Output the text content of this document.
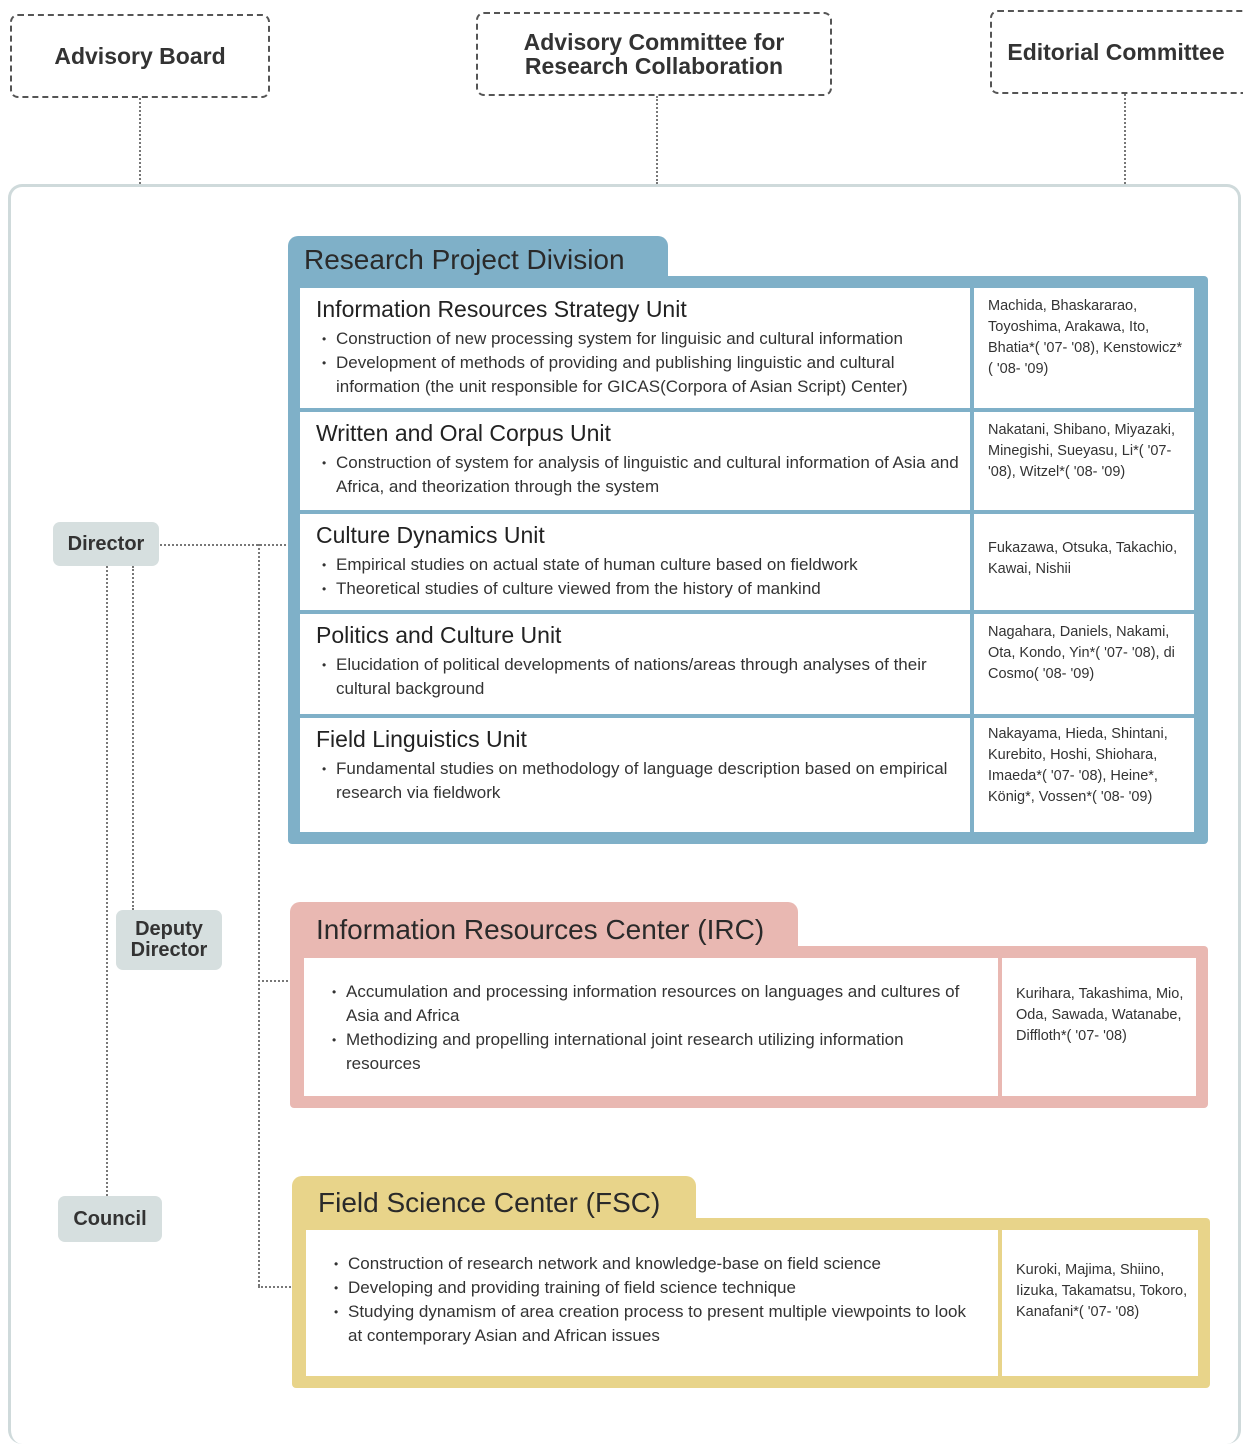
Advisory Board
Advisory Committee for Research Collaboration
Editorial Committee
Director
Deputy Director
Council
Research Project Division
Information Resources Strategy Unit
• Construction of new processing system for linguisic and cultural information
• Development of methods of providing and publishing linguistic and cultural information (the unit responsible for GICAS(Corpora of Asian Script) Center)
Machida, Bhaskararao, Toyoshima, Arakawa, Ito, Bhatia*( '07- '08), Kenstowicz*( '08- '09)
Written and Oral Corpus Unit
• Construction of system for analysis of linguistic and cultural information of Asia and Africa, and theorization through the system
Nakatani, Shibano, Miyazaki, Minegishi, Sueyasu, Li*( '07- '08), Witzel*( '08- '09)
Culture Dynamics Unit
• Empirical studies on actual state of human culture based on fieldwork
• Theoretical studies of culture viewed from the history of mankind
Fukazawa, Otsuka, Takachio, Kawai, Nishii
Politics and Culture Unit
• Elucidation of political developments of nations/areas through analyses of their cultural background
Nagahara, Daniels, Nakami, Ota, Kondo, Yin*( '07- '08), di Cosmo( '08- '09)
Field Linguistics Unit
• Fundamental studies on methodology of language description based on empirical research via fieldwork
Nakayama, Hieda, Shintani, Kurebito, Hoshi, Shiohara, Imaeda*( '07- '08), Heine*, König*, Vossen*( '08- '09)
Information Resources Center (IRC)
• Accumulation and processing information resources on languages and cultures of Asia and Africa
• Methodizing and propelling international joint research utilizing information resources
Kurihara, Takashima, Mio, Oda, Sawada, Watanabe, Diffloth*( '07- '08)
Field Science Center (FSC)
• Construction of research network and knowledge-base on field science
• Developing and providing training of field science technique
• Studying dynamism of area creation process to present multiple viewpoints to look at contemporary Asian and African issues
Kuroki, Majima, Shiino, Iizuka, Takamatsu, Tokoro, Kanafani*( '07- '08)
